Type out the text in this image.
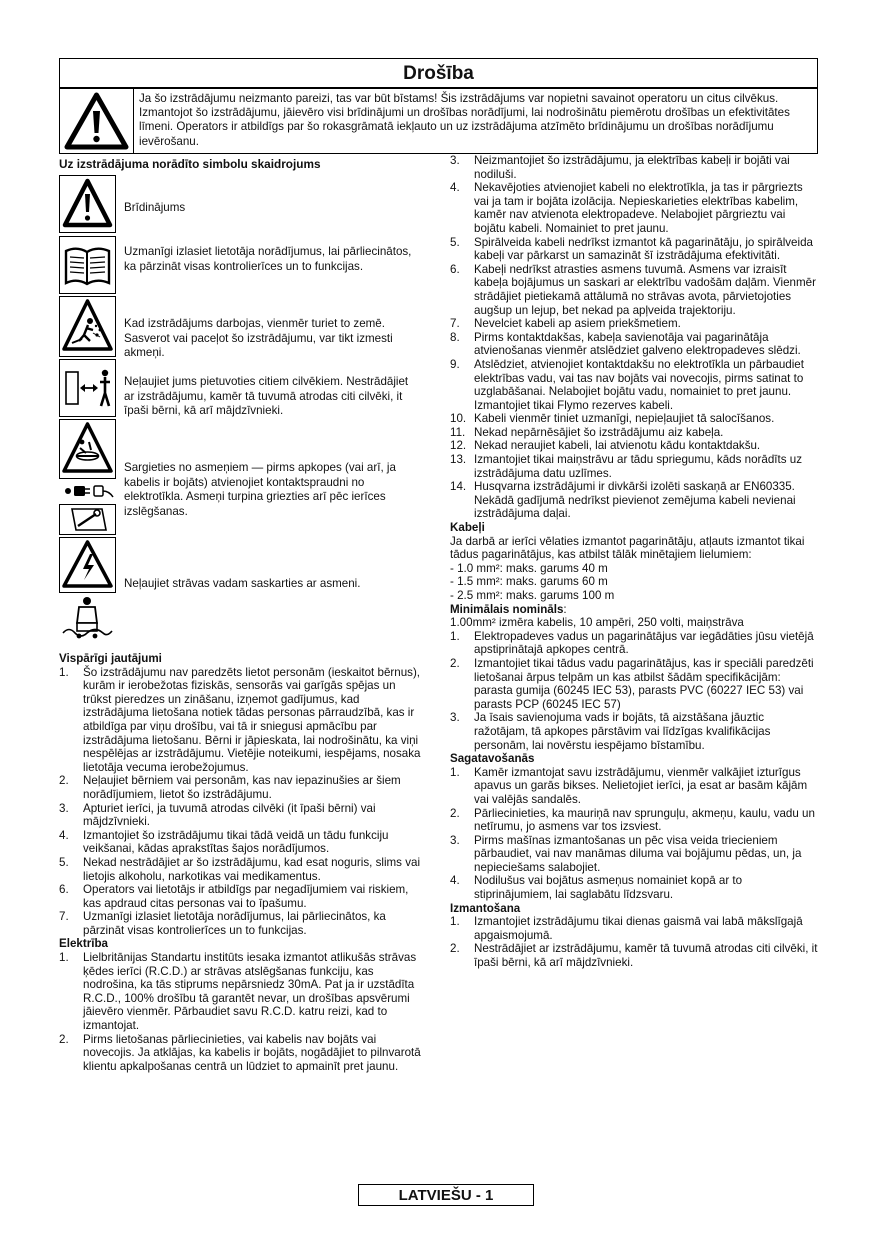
Drošība
Ja šo izstrādājumu neizmanto pareizi, tas var būt bīstams! Šis izstrādājums var nopietni savainot operatoru un citus cilvēkus. Izmantojot šo izstrādājumu, jāievēro visi brīdinājumi un drošības norādījumi, lai nodrošinātu piemērotu drošības un efektivitātes līmeni. Operators ir atbildīgs par šo rokasgrāmatā iekļauto un uz izstrādājuma atzīmēto brīdinājumu un drošības norādījumu ievērošanu.
Uz izstrādājuma norādīto simbolu skaidrojums
Brīdinājums
Uzmanīgi izlasiet lietotāja norādījumus, lai pārliecinātos, ka pārzināt visas kontrolierīces un to funkcijas.
Kad izstrādājums darbojas, vienmēr turiet to zemē. Sasverot vai paceļot šo izstrādājumu, var tikt izmesti akmeņi.
Neļaujiet jums pietuvoties citiem cilvēkiem. Nestrādājiet ar izstrādājumu, kamēr tā tuvumā atrodas citi cilvēki, it īpaši bērni, kā arī mājdzīvnieki.
Sargieties no asmeņiem — pirms apkopes (vai arī, ja kabelis ir bojāts) atvienojiet kontaktspraudni no elektrotīkla. Asmeņi turpina griezties arī pēc ierīces izslēgšanas.
Neļaujiet strāvas vadam saskarties ar asmeni.
Vispārīgi jautājumi
1.	Šo izstrādājumu nav paredzēts lietot personām (ieskaitot bērnus), kurām ir ierobežotas fiziskās, sensorās vai garīgās spējas un trūkst pieredzes un zināšanu, izņemot gadījumus, kad izstrādājuma lietošana notiek tādas personas pārraudzībā, kas ir atbildīga par viņu drošību, vai tā ir sniegusi apmācību par izstrādājuma lietošanu. Bērni ir jāpieskata, lai nodrošinātu, ka viņi nespēlējas ar izstrādājumu. Vietējie noteikumi, iespējams, nosaka lietotāja vecuma ierobežojumus.
2.	Neļaujiet bērniem vai personām, kas nav iepazinušies ar šiem norādījumiem, lietot šo izstrādājumu.
3.	Apturiet ierīci, ja tuvumā atrodas cilvēki (it īpaši bērni) vai mājdzīvnieki.
4.	Izmantojiet šo izstrādājumu tikai tādā veidā un tādu funkciju veikšanai, kādas aprakstītas šajos norādījumos.
5.	Nekad nestrādājiet ar šo izstrādājumu, kad esat noguris, slims vai lietojis alkoholu, narkotikas vai medikamentus.
6.	Operators vai lietotājs ir atbildīgs par negadījumiem vai riskiem, kas apdraud citas personas vai to īpašumu.
7.	Uzmanīgi izlasiet lietotāja norādījumus, lai pārliecinātos, ka pārzināt visas kontrolierīces un to funkcijas.
Elektrība
1.	Lielbritānijas Standartu institūts iesaka izmantot atlikušās strāvas ķēdes ierīci (R.C.D.) ar strāvas atslēgšanas funkciju, kas nodrošina, ka tās stiprums nepārsniedz 30mA. Pat ja ir uzstādīta R.C.D., 100% drošību tā garantēt nevar, un drošības apsvērumi jāievēro vienmēr. Pārbaudiet savu R.C.D. katru reizi, kad to izmantojat.
2.	Pirms lietošanas pārliecinieties, vai kabelis nav bojāts vai novecojis. Ja atklājas, ka kabelis ir bojāts, nogādājiet to pilnvarotā klientu apkalpošanas centrā un lūdziet to apmainīt pret jaunu.
3.	Neizmantojiet šo izstrādājumu, ja elektrības kabeļi ir bojāti vai nodiluši.
4.	Nekavējoties atvienojiet kabeli no elektrotīkla, ja tas ir pārgriezts vai ja tam ir bojāta izolācija. Nepieskarieties elektrības kabelim, kamēr nav atvienota elektropadeve. Nelabojiet pārgrieztu vai bojātu kabeli. Nomainiet to pret jaunu.
5.	Spirālveida kabeli nedrīkst izmantot kā pagarinātāju, jo spirālveida kabeļi var pārkarst un samazināt šī izstrādājuma efektivitāti.
6.	Kabeļi nedrīkst atrasties asmens tuvumā. Asmens var izraisīt kabeļa bojājumus un saskari ar elektrību vadošām daļām. Vienmēr strādājiet pietiekamā attālumā no strāvas avota, pārvietojoties augšup un lejup, bet nekad pa apļveida trajektoriju.
7.	Nevelciet kabeli ap asiem priekšmetiem.
8.	Pirms kontaktdakšas, kabeļa savienotāja vai pagarinātāja atvienošanas vienmēr atslēdziet galveno elektropadeves slēdzi.
9.	Atslēdziet, atvienojiet kontaktdakšu no elektrotīkla un pārbaudiet elektrības vadu, vai tas nav bojāts vai novecojis, pirms satinat to uzglabāšanai. Nelabojiet bojātu vadu, nomainiet to pret jaunu. Izmantojiet tikai Flymo rezerves kabeli.
10. Kabeli vienmēr tiniet uzmanīgi, nepieļaujiet tā salocīšanos.
11. Nekad nepārnēsājiet šo izstrādājumu aiz kabeļa.
12. Nekad neraujiet kabeli, lai atvienotu kādu kontaktdakšu.
13. Izmantojiet tikai maiņstrāvu ar tādu spriegumu, kāds norādīts uz izstrādājuma datu uzlīmes.
14. Husqvarna izstrādājumi ir divkārši izolēti saskaņā ar EN60335. Nekādā gadījumā nedrīkst pievienot zemējuma kabeli nevienai izstrādājuma daļai.
Kabeļi
Ja darbā ar ierīci vēlaties izmantot pagarinātāju, atļauts izmantot tikai tādus pagarinātājus, kas atbilst tālāk minētajiem lielumiem:
- 1.0 mm²: maks. garums 40 m
- 1.5 mm²: maks. garums 60 m
- 2.5 mm²: maks. garums 100 m
Minimālais nomināls:
1.00mm² izmēra kabelis, 10 ampēri, 250 volti, maiņstrāva
1.	Elektropadeves vadus un pagarinātājus var iegādāties jūsu vietējā apstiprinātajā apkopes centrā.
2.	Izmantojiet tikai tādus vadu pagarinātājus, kas ir speciāli paredzēti lietošanai ārpus telpām un kas atbilst šādām specifikācijām: parasta gumija (60245 IEC 53), parasts PVC (60227 IEC 53) vai parasts PCP (60245 IEC 57)
3.	Ja īsais savienojuma vads ir bojāts, tā aizstāšana jāuztic ražotājam, tā apkopes pārstāvim vai līdzīgas kvalifikācijas personām, lai novērstu iespējamo bīstamību.
Sagatavošanās
1.	Kamēr izmantojat savu izstrādājumu, vienmēr valkājiet izturīgus apavus un garās bikses. Nelietojiet ierīci, ja esat ar basām kājām vai valējās sandalēs.
2.	Pārliecinieties, ka mauriņā nav sprunguļu, akmeņu, kaulu, vadu un netīrumu, jo asmens var tos izsviest.
3.	Pirms mašīnas izmantošanas un pēc visa veida triecieniem pārbaudiet, vai nav manāmas diluma vai bojājumu pēdas, un, ja nepieciešams salabojiet.
4.	Nodilušus vai bojātus asmeņus nomainiet kopā ar to stiprinājumiem, lai saglabātu līdzsvaru.
Izmantošana
1.	Izmantojiet izstrādājumu tikai dienas gaismā vai labā mākslīgajā apgaismojumā.
2.	Nestrādājiet ar izstrādājumu, kamēr tā tuvumā atrodas citi cilvēki, it īpaši bērni, kā arī mājdzīvnieki.
LATVIEŠU - 1
